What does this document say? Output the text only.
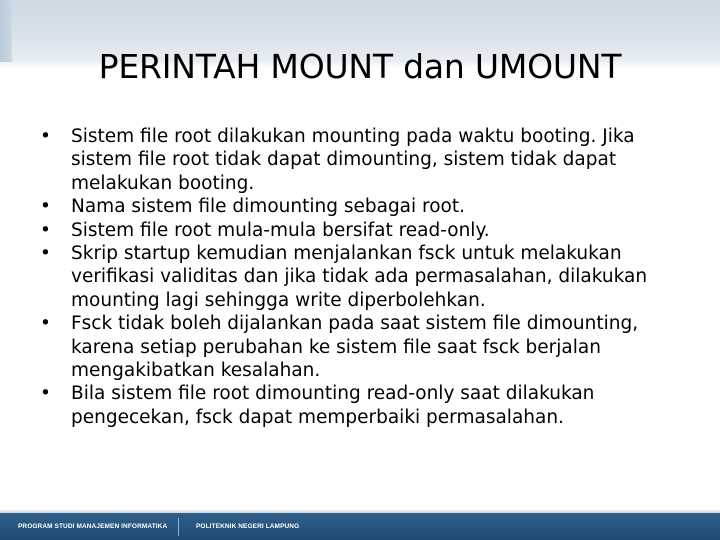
PERINTAH MOUNT dan UMOUNT
• Sistem file root dilakukan mounting pada waktu booting. Jika sistem file root tidak dapat dimounting, sistem tidak dapat melakukan booting.
• Nama sistem file dimounting sebagai root.
• Sistem file root mula-mula bersifat read-only.
• Skrip startup kemudian menjalankan fsck untuk melakukan verifikasi validitas dan jika tidak ada permasalahan, dilakukan mounting lagi sehingga write diperbolehkan.
• Fsck tidak boleh dijalankan pada saat sistem file dimounting, karena setiap perubahan ke sistem file saat fsck berjalan mengakibatkan kesalahan.
• Bila sistem file root dimounting read-only saat dilakukan pengecekan, fsck dapat memperbaiki permasalahan.
PROGRAM STUDI MANAJEMEN INFORMATIKA	POLITEKNIK NEGERI LAMPUNG
